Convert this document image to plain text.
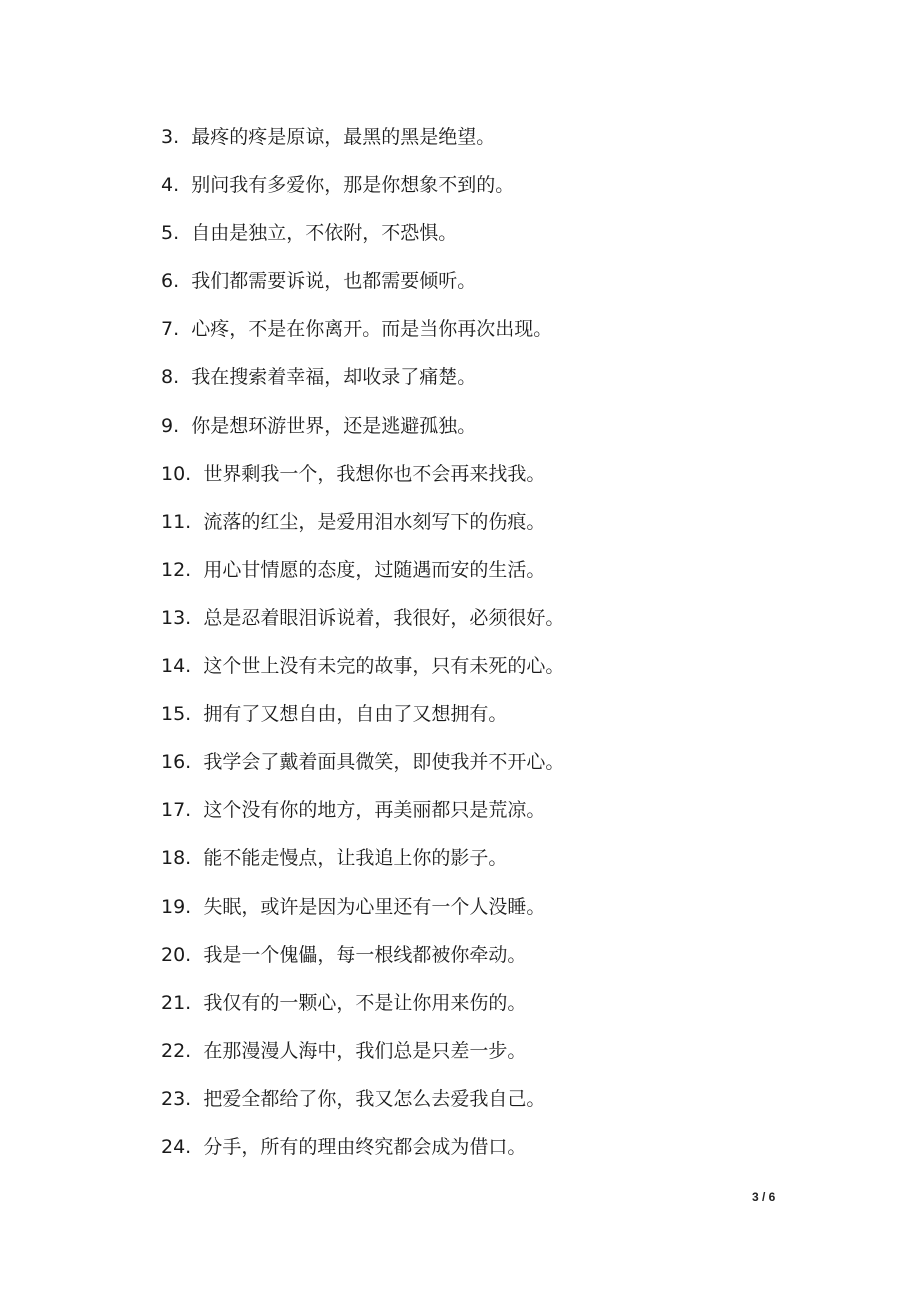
3. 最疼的疼是原谅，最黑的黑是绝望。
4. 别问我有多爱你，那是你想象不到的。
5. 自由是独立，不依附，不恐惧。
6. 我们都需要诉说，也都需要倾听。
7. 心疼，不是在你离开。而是当你再次出现。
8. 我在搜索着幸福，却收录了痛楚。
9. 你是想环游世界，还是逃避孤独。
10. 世界剩我一个，我想你也不会再来找我。
11. 流落的红尘，是爱用泪水刻写下的伤痕。
12. 用心甘情愿的态度，过随遇而安的生活。
13. 总是忍着眼泪诉说着，我很好，必须很好。
14. 这个世上没有未完的故事，只有未死的心。
15. 拥有了又想自由，自由了又想拥有。
16. 我学会了戴着面具微笑，即使我并不开心。
17. 这个没有你的地方，再美丽都只是荒凉。
18. 能不能走慢点，让我追上你的影子。
19. 失眠，或许是因为心里还有一个人没睡。
20. 我是一个傀儡，每一根线都被你牵动。
21. 我仅有的一颗心，不是让你用来伤的。
22. 在那漫漫人海中，我们总是只差一步。
23. 把爱全都给了你，我又怎么去爱我自己。
24. 分手，所有的理由终究都会成为借口。
3 / 6
